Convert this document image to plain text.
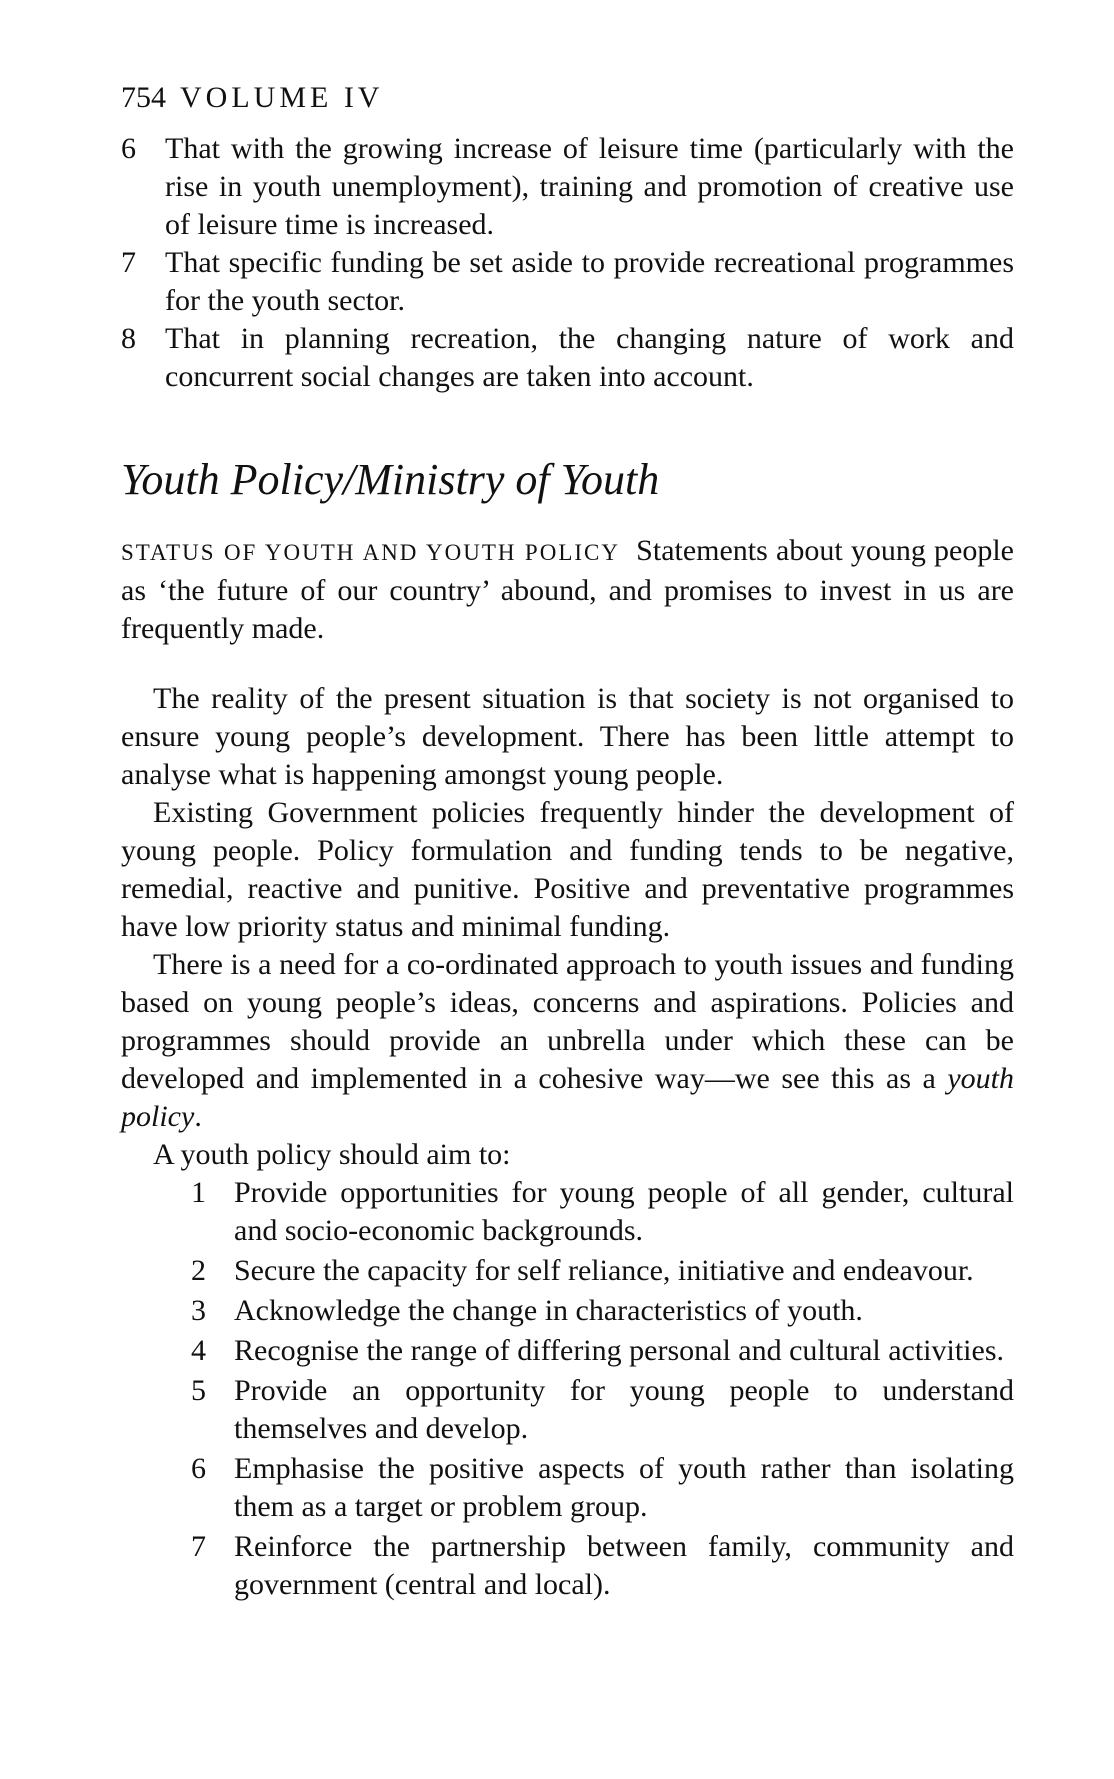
754 VOLUME IV
6 That with the growing increase of leisure time (particularly with the rise in youth unemployment), training and promotion of creative use of leisure time is increased.
7 That specific funding be set aside to provide recreational programmes for the youth sector.
8 That in planning recreation, the changing nature of work and concurrent social changes are taken into account.
Youth Policy/Ministry of Youth

STATUS OF YOUTH AND YOUTH POLICY Statements about young people as ‘the future of our country’ abound, and promises to invest in us are frequently made.

The reality of the present situation is that society is not organised to ensure young people’s development. There has been little attempt to analyse what is happening amongst young people.

Existing Government policies frequently hinder the development of young people. Policy formulation and funding tends to be negative, remedial, reactive and punitive. Positive and preventative programmes have low priority status and minimal funding.

There is a need for a co-ordinated approach to youth issues and funding based on young people’s ideas, concerns and aspirations. Policies and programmes should provide an unbrella under which these can be developed and implemented in a cohesive way—we see this as a youth policy.

A youth policy should aim to:

1 Provide opportunities for young people of all gender, cultural and socio-economic backgrounds.
2 Secure the capacity for self reliance, initiative and endeavour.
3 Acknowledge the change in characteristics of youth.
4 Recognise the range of differing personal and cultural activities.
5 Provide an opportunity for young people to understand themselves and develop.
6 Emphasise the positive aspects of youth rather than isolating them as a target or problem group.
7 Reinforce the partnership between family, community and government (central and local).
